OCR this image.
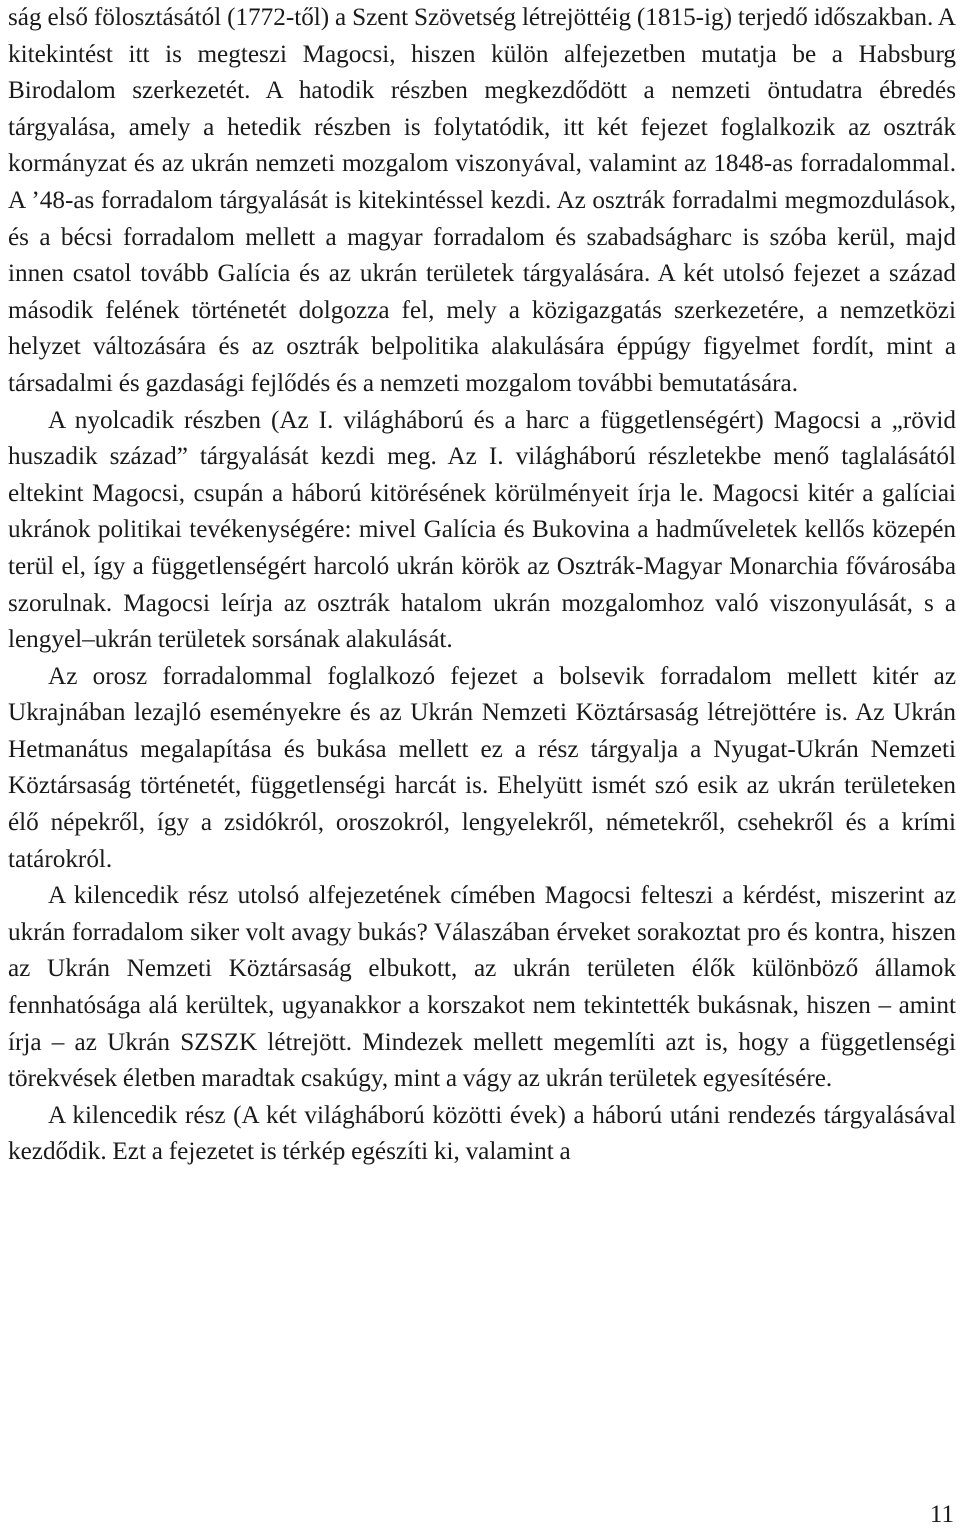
ság első fölosztásától (1772-től) a Szent Szövetség létrejöttéig (1815-ig) terjedő időszakban. A kitekintést itt is megteszi Magocsi, hiszen külön alfejezetben mutatja be a Habsburg Birodalom szerkezetét. A hatodik részben megkezdődött a nemzeti öntudatra ébredés tárgyalása, amely a hetedik részben is folytatódik, itt két fejezet foglalkozik az osztrák kormányzat és az ukrán nemzeti mozgalom viszonyával, valamint az 1848-as forradalommal. A ’48-as forradalom tárgyalását is kitekintéssel kezdi. Az osztrák forradalmi megmozdulások, és a bécsi forradalom mellett a magyar forradalom és szabadságharc is szóba kerül, majd innen csatol tovább Galícia és az ukrán területek tárgyalására. A két utolsó fejezet a század második felének történetét dolgozza fel, mely a közigazgatás szerkezetére, a nemzetközi helyzet változására és az osztrák belpolitika alakulására éppúgy figyelmet fordít, mint a társadalmi és gazdasági fejlődés és a nemzeti mozgalom további bemutatására.

A nyolcadik részben (Az I. világháború és a harc a függetlenségért) Magocsi a „rövid huszadik század” tárgyalását kezdi meg. Az I. világháború részletekbe menő taglalásától eltekint Magocsi, csupán a háború kitörésének körülményeit írja le. Magocsi kitér a galíciai ukránok politikai tevékenységére: mivel Galícia és Bukovina a hadműveletek kellős közepén terül el, így a függetlenségért harcoló ukrán körök az Osztrák-Magyar Monarchia fővárosába szorulnak. Magocsi leírja az osztrák hatalom ukrán mozgalomhoz való viszonyulását, s a lengyel–ukrán területek sorsának alakulását.

Az orosz forradalommal foglalkozó fejezet a bolsevik forradalom mellett kitér az Ukrajnában lezajló eseményekre és az Ukrán Nemzeti Köztársaság létrejöttére is. Az Ukrán Hetmanátus megalapítása és bukása mellett ez a rész tárgyalja a Nyugat-Ukrán Nemzeti Köztársaság történetét, függetlenségi harcát is. Ehelyütt ismét szó esik az ukrán területeken élő népekről, így a zsidókról, oroszokról, lengyelekről, németekről, csehekről és a krími tatárokról.

A kilencedik rész utolsó alfejezetének címében Magocsi felteszi a kérdést, miszerint az ukrán forradalom siker volt avagy bukás? Válaszában érveket sorakoztat pro és kontra, hiszen az Ukrán Nemzeti Köztársaság elbukott, az ukrán területen élők különböző államok fennhatósága alá kerültek, ugyanakkor a korszakot nem tekintették bukásnak, hiszen – amint írja – az Ukrán SZSZK létrejött. Mindezek mellett megemlíti azt is, hogy a függetlenségi törekvések életben maradtak csakúgy, mint a vágy az ukrán területek egyesítésére.

A kilencedik rész (A két világháború közötti évek) a háború utáni rendezés tárgyalásával kezdődik. Ezt a fejezetet is térkép egészíti ki, valamint a

11
